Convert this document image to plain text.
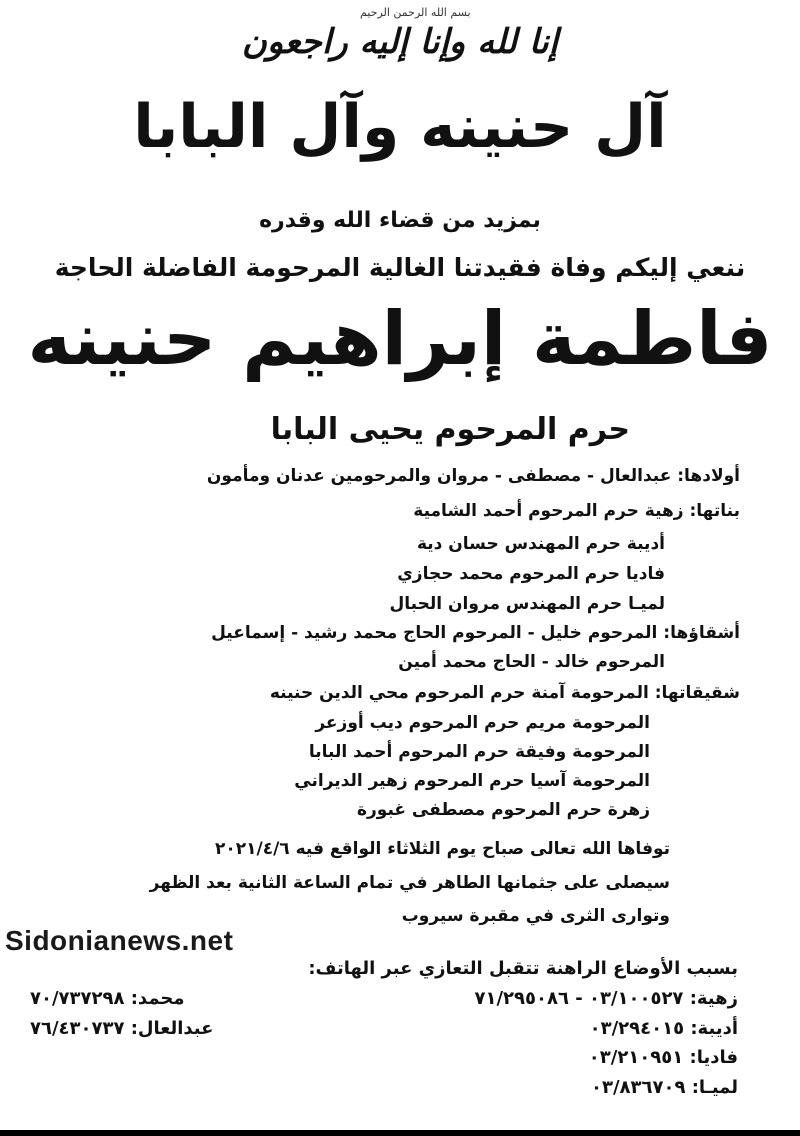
بسم الله الرحمن الرحيم
إنا لله وإنا إليه راجعون
آل حنينه وآل البابا
بمزيد من قضاء الله وقدره
ننعي إليكم وفاة فقيدتنا الغالية المرحومة الفاضلة الحاجة
فاطمة إبراهيم حنينه
حرم المرحوم يحيى البابا
أولادها: عبدالعال - مصطفى - مروان والمرحومين عدنان ومأمون
بناتها: زهية حرم المرحوم أحمد الشامية
أديبة حرم المهندس حسان دية
فاديا حرم المرحوم محمد حجازي
لميـا حرم المهندس مروان الحبال
أشقاؤها: المرحوم خليل - المرحوم الحاج محمد رشيد - إسماعيل
المرحوم خالد - الحاج محمد أمين
شقيقاتها: المرحومة آمنة حرم المرحوم محي الدين حنينه
المرحومة مريم حرم المرحوم ديب أوزعر
المرحومة وفيقة حرم المرحوم أحمد البابا
المرحومة آسيا حرم المرحوم زهير الديراني
زهرة حرم المرحوم مصطفى غبورة
توفاها الله تعالى صباح يوم الثلاثاء الواقع فيه ٢٠٢١/٤/٦
سيصلى على جثمانها الطاهر في تمام الساعة الثانية بعد الظهر
وتوارى الثرى في مقبرة سيروب
Sidonianews.net
بسبب الأوضاع الراهنة تتقبل التعازي عبر الهاتف:
زهية: ٠٣/١٠٠٥٢٧ - ٧١/٢٩٥٠٨٦
أديبة: ٠٣/٢٩٤٠١٥
فاديا: ٠٣/٢١٠٩٥١
لميـا: ٠٣/٨٣٦٧٠٩
محمد: ٧٠/٧٣٧٢٩٨
عبدالعال: ٧٦/٤٣٠٧٣٧
